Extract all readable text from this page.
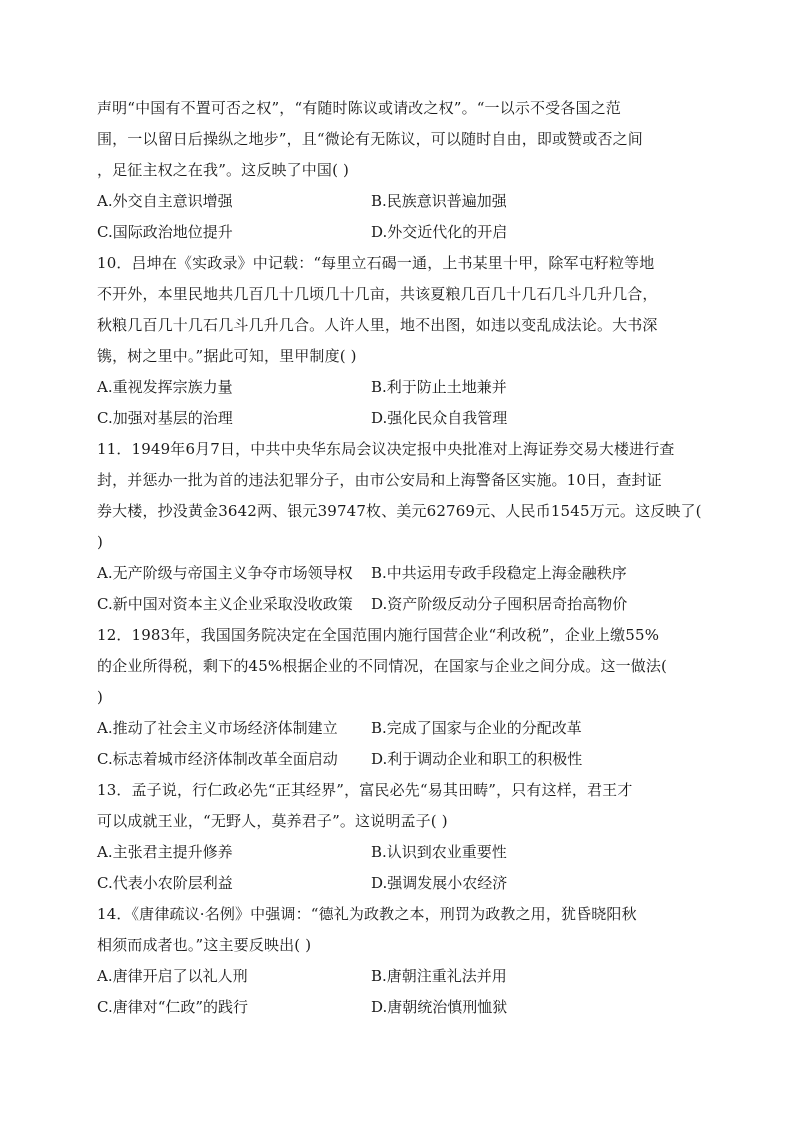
声明“中国有不置可否之权”，“有随时陈议或请改之权”。“一以示不受各国之范
围，一以留日后操纵之地步”，且“微论有无陈议，可以随时自由，即或赞或否之间
，足征主权之在我”。这反映了中国( )
A.外交自主意识增强	B.民族意识普遍加强
C.国际政治地位提升	D.外交近代化的开启
10．吕坤在《实政录》中记载：“每里立石碣一通，上书某里十甲，除军屯籽粒等地
不开外，本里民地共几百几十几顷几十几亩，共该夏粮几百几十几石几斗几升几合，
秋粮几百几十几石几斗几升几合。人许人里，地不出图，如违以变乱成法论。大书深
镌，树之里中。”据此可知，里甲制度( )
A.重视发挥宗族力量	B.利于防止土地兼并
C.加强对基层的治理	D.强化民众自我管理
11．1949年6月7日，中共中央华东局会议决定报中央批准对上海证券交易大楼进行查
封，并惩办一批为首的违法犯罪分子，由市公安局和上海警备区实施。10日，查封证
券大楼，抄没黄金3642两、银元39747枚、美元62769元、人民币1545万元。这反映了(
)
A.无产阶级与帝国主义争夺市场领导权 B.中共运用专政手段稳定上海金融秩序
C.新中国对资本主义企业采取没收政策 D.资产阶级反动分子囤积居奇抬高物价
12．1983年，我国国务院决定在全国范围内施行国营企业“利改税”，企业上缴55%
的企业所得税，剩下的45%根据企业的不同情况，在国家与企业之间分成。这一做法(
)
A.推动了社会主义市场经济体制建立 B.完成了国家与企业的分配改革
C.标志着城市经济体制改革全面启动 D.利于调动企业和职工的积极性
13．孟子说，行仁政必先“正其经界”，富民必先“易其田畴”，只有这样，君王才
可以成就王业，“无野人，莫养君子”。这说明孟子( )
A.主张君主提升修养	B.认识到农业重要性
C.代表小农阶层利益	D.强调发展小农经济
14．《唐律疏议·名例》中强调：“德礼为政教之本，刑罚为政教之用，犹昏晓阳秋
相须而成者也。”这主要反映出( )
A.唐律开启了以礼人刑	B.唐朝注重礼法并用
C.唐律对“仁政”的践行	D.唐朝统治慎刑恤狱
